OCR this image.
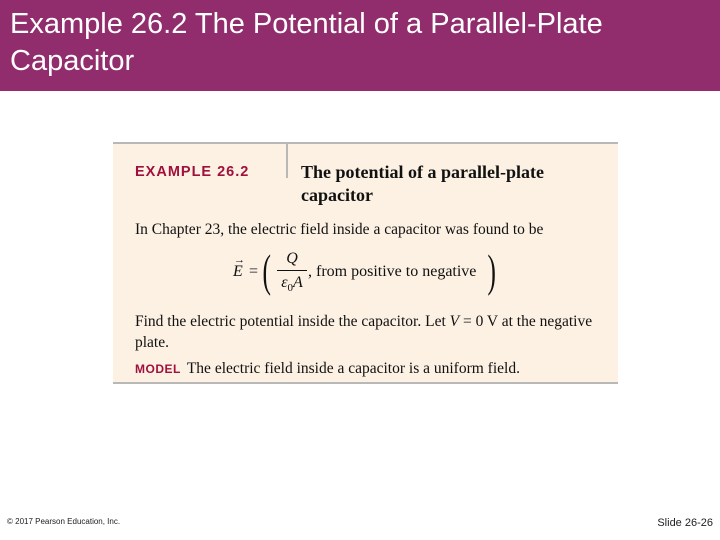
Example 26.2 The Potential of a Parallel-Plate Capacitor
EXAMPLE 26.2	The potential of a parallel-plate capacitor
In Chapter 23, the electric field inside a capacitor was found to be
→
E = ( Q
$\varepsilon_0A$
, from positive to negative )
Find the electric potential inside the capacitor. Let V = 0 V at the negative plate.
MODEL The electric field inside a capacitor is a uniform field.
© 2017 Pearson Education, Inc.	Slide 26-26
